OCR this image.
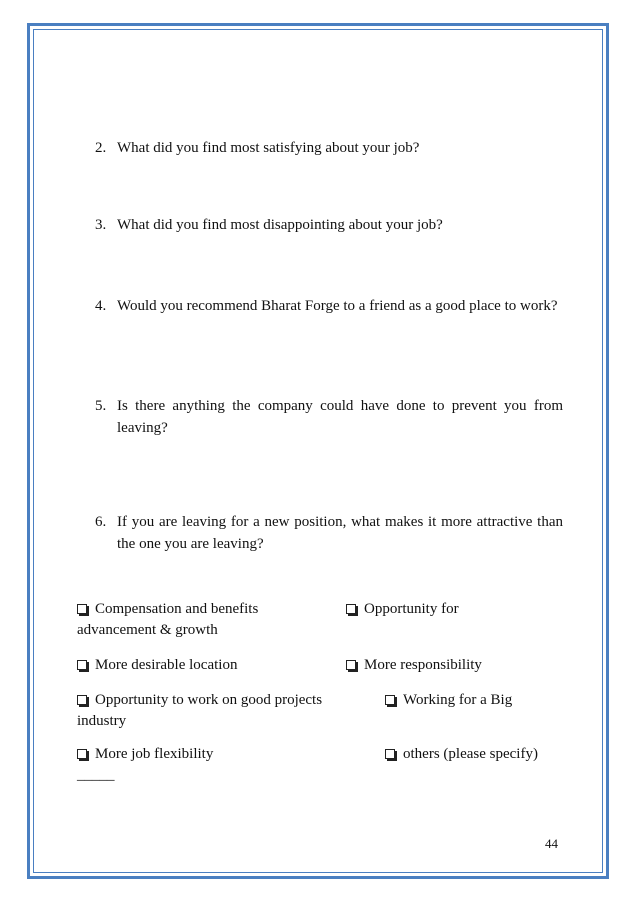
2. What did you find most satisfying about your job?
3. What did you find most disappointing about your job?
4. Would you recommend Bharat Forge to a friend as a good place to work?
5. Is there anything the company could have done to prevent you from leaving?
6. If you are leaving for a new position, what makes it more attractive than the one you are leaving?
Compensation and benefits	Opportunity for
advancement & growth
More desirable location	More responsibility
Opportunity to work on good projects	Working for a Big
industry
More job flexibility	others (please specify)
_____
44
